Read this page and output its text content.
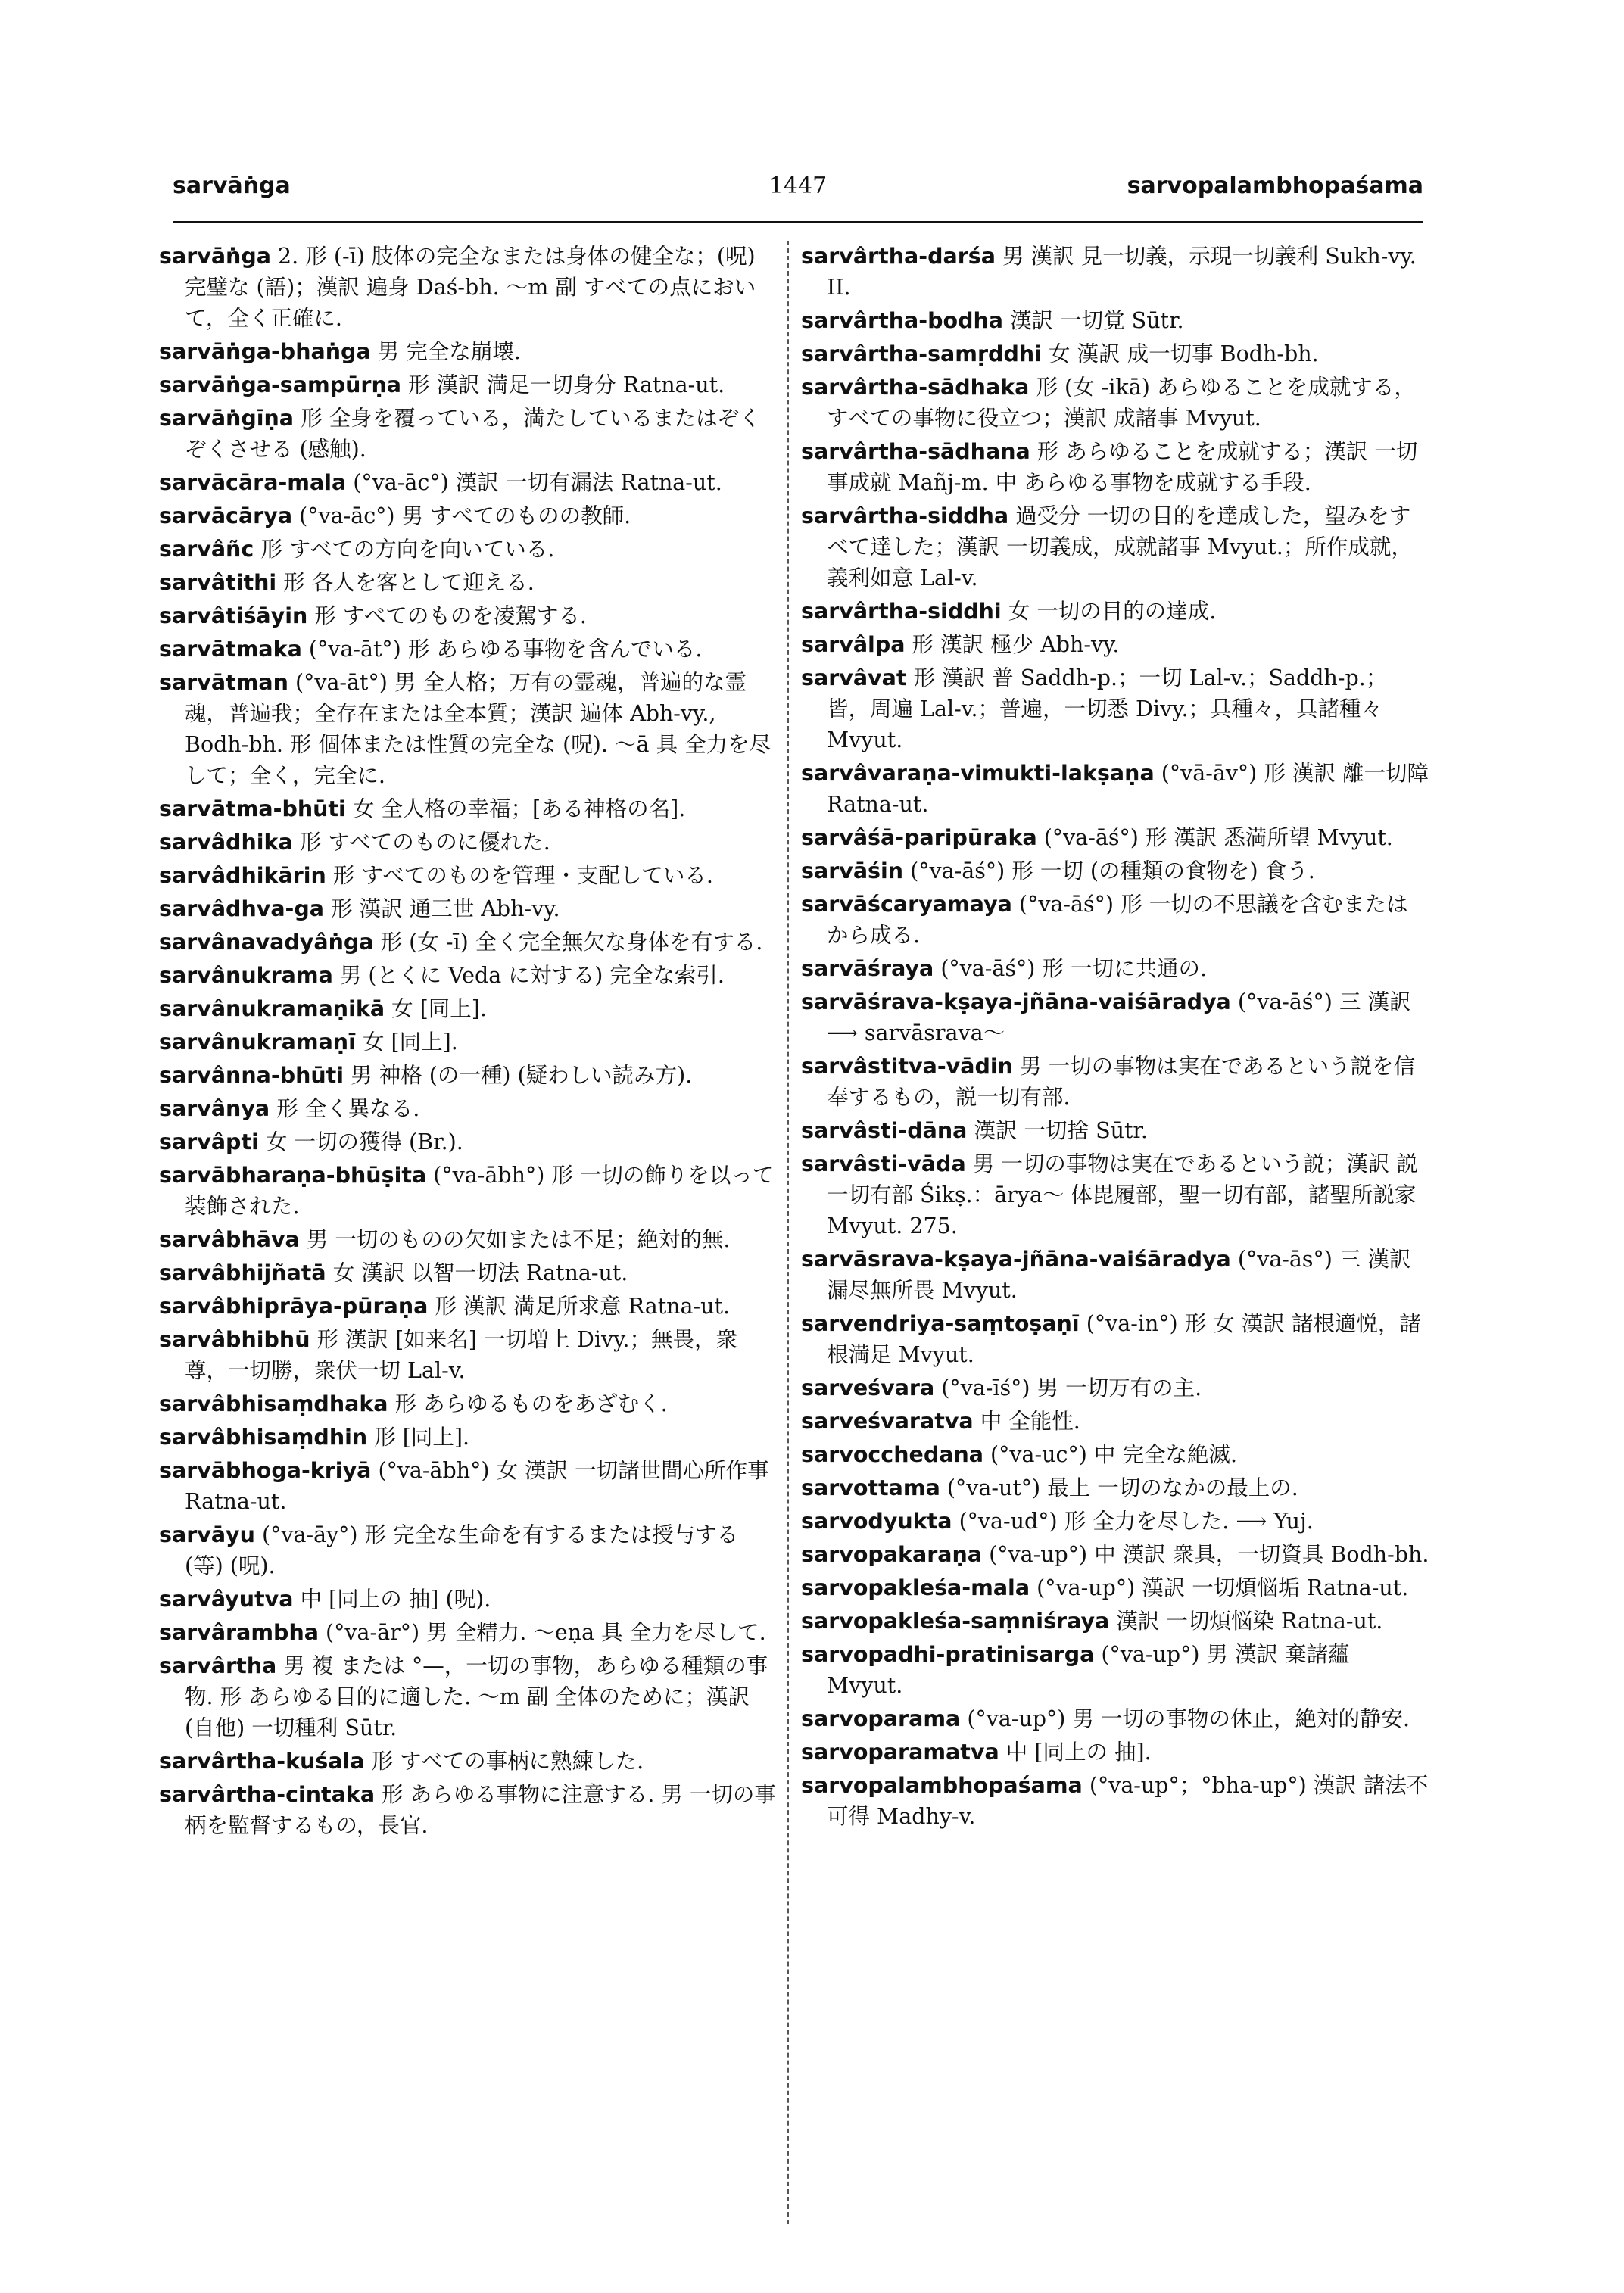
sarvāṅga	1447	sarvopalambhopaśama

sarvāṅga 2. 形 (-ī) 肢体の完全なまたは身体の健全な；(呪) 完璧な (語)；漢訳 遍身 Daś-bh. ～m 副 すべての点において，全く正確に.

sarvāṅga-bhaṅga 男 完全な崩壊.

sarvāṅga-sampūrṇa 形 漢訳 満足一切身分 Ratna-ut.

sarvāṅgīṇa 形 全身を覆っている，満たしているまたはぞくぞくさせる (感触).

sarvācāra-mala (°va-āc°) 漢訳 一切有漏法 Ratna-ut.

sarvācārya (°va-āc°) 男 すべてのものの教師.

sarvâñc 形 すべての方向を向いている.

sarvâtithi 形 各人を客として迎える.

sarvâtiśāyin 形 すべてのものを凌駕する.

sarvātmaka (°va-āt°) 形 あらゆる事物を含んでいる.

sarvātman (°va-āt°) 男 全人格；万有の霊魂，普遍的な霊魂，普遍我；全存在または全本質；漢訳 遍体 Abh-vy., Bodh-bh. 形 個体または性質の完全な (呪). ～ā 具 全力を尽して；全く，完全に.

sarvātma-bhūti 女 全人格の幸福；[ある神格の名].

sarvâdhika 形 すべてのものに優れた.

sarvâdhikārin 形 すべてのものを管理・支配している.

sarvâdhva-ga 形 漢訳 通三世 Abh-vy.

sarvânavadyâṅga 形 (女 -ī) 全く完全無欠な身体を有する.

sarvânukrama 男 (とくに Veda に対する) 完全な索引.

sarvânukramaṇikā 女 [同上].

sarvânukramaṇī 女 [同上].

sarvânna-bhūti 男 神格 (の一種) (疑わしい読み方).

sarvânya 形 全く異なる.

sarvâpti 女 一切の獲得 (Br.).

sarvābharaṇa-bhūṣita (°va-ābh°) 形 一切の飾りを以って装飾された.

sarvâbhāva 男 一切のものの欠如または不足；絶対的無.

sarvâbhijñatā 女 漢訳 以智一切法 Ratna-ut.

sarvâbhiprāya-pūraṇa 形 漢訳 満足所求意 Ratna-ut.

sarvâbhibhū 形 漢訳 [如来名] 一切増上 Divy.；無畏，衆尊，一切勝，衆伏一切 Lal-v.

sarvâbhisaṃdhaka 形 あらゆるものをあざむく.

sarvâbhisaṃdhin 形 [同上].

sarvābhoga-kriyā (°va-ābh°) 女 漢訳 一切諸世間心所作事 Ratna-ut.

sarvāyu (°va-āy°) 形 完全な生命を有するまたは授与する (等) (呪).

sarvâyutva 中 [同上の 抽] (呪).

sarvârambha (°va-ār°) 男 全精力. ～eṇa 具 全力を尽して.

sarvârtha 男 複 または °—，一切の事物，あらゆる種類の事物. 形 あらゆる目的に適した. ～m 副 全体のために；漢訳 (自他) 一切種利 Sūtr.

sarvârtha-kuśala 形 すべての事柄に熟練した.

sarvârtha-cintaka 形 あらゆる事物に注意する. 男 一切の事柄を監督するもの，長官.

sarvârtha-darśa 男 漢訳 見一切義，示現一切義利 Sukh-vy. II.

sarvârtha-bodha 漢訳 一切覚 Sūtr.

sarvârtha-samṛddhi 女 漢訳 成一切事 Bodh-bh.

sarvârtha-sādhaka 形 (女 -ikā) あらゆることを成就する，すべての事物に役立つ；漢訳 成諸事 Mvyut.

sarvârtha-sādhana 形 あらゆることを成就する；漢訳 一切事成就 Mañj-m. 中 あらゆる事物を成就する手段.

sarvârtha-siddha 過受分 一切の目的を達成した，望みをすべて達した；漢訳 一切義成，成就諸事 Mvyut.；所作成就，義利如意 Lal-v.

sarvârtha-siddhi 女 一切の目的の達成.

sarvâlpa 形 漢訳 極少 Abh-vy.

sarvâvat 形 漢訳 普 Saddh-p.；一切 Lal-v.；Saddh-p.；皆，周遍 Lal-v.；普遍，一切悉 Divy.；具種々，具諸種々 Mvyut.

sarvâvaraṇa-vimukti-lakṣaṇa (°vā-āv°) 形 漢訳 離一切障 Ratna-ut.

sarvâśā-paripūraka (°va-āś°) 形 漢訳 悉満所望 Mvyut.

sarvāśin (°va-āś°) 形 一切 (の種類の食物を) 食う.

sarvāścaryamaya (°va-āś°) 形 一切の不思議を含むまたはから成る.

sarvāśraya (°va-āś°) 形 一切に共通の.

sarvāśrava-kṣaya-jñāna-vaiśāradya (°va-āś°) 三 漢訳 ⟶ sarvāsrava～

sarvâstitva-vādin 男 一切の事物は実在であるという説を信奉するもの，説一切有部.

sarvâsti-dāna 漢訳 一切捨 Sūtr.

sarvâsti-vāda 男 一切の事物は実在であるという説；漢訳 説一切有部 Śikṣ.：ārya～ 体毘履部，聖一切有部，諸聖所説家 Mvyut. 275.

sarvāsrava-kṣaya-jñāna-vaiśāradya (°va-ās°) 三 漢訳 漏尽無所畏 Mvyut.

sarvendriya-saṃtoṣaṇī (°va-in°) 形 女 漢訳 諸根適悦，諸根満足 Mvyut.

sarveśvara (°va-īś°) 男 一切万有の主.

sarveśvaratva 中 全能性.

sarvocchedana (°va-uc°) 中 完全な絶滅.

sarvottama (°va-ut°) 最上 一切のなかの最上の.

sarvodyukta (°va-ud°) 形 全力を尽した. ⟶ Yuj.

sarvopakaraṇa (°va-up°) 中 漢訳 衆具，一切資具 Bodh-bh.

sarvopakleśa-mala (°va-up°) 漢訳 一切煩悩垢 Ratna-ut.

sarvopakleśa-saṃniśraya 漢訳 一切煩悩染 Ratna-ut.

sarvopadhi-pratinisarga (°va-up°) 男 漢訳 棄諸蘊 Mvyut.

sarvoparama (°va-up°) 男 一切の事物の休止，絶対的静安.

sarvoparamatva 中 [同上の 抽].

sarvopalambhopaśama (°va-up°；°bha-up°) 漢訳 諸法不可得 Madhy-v.
